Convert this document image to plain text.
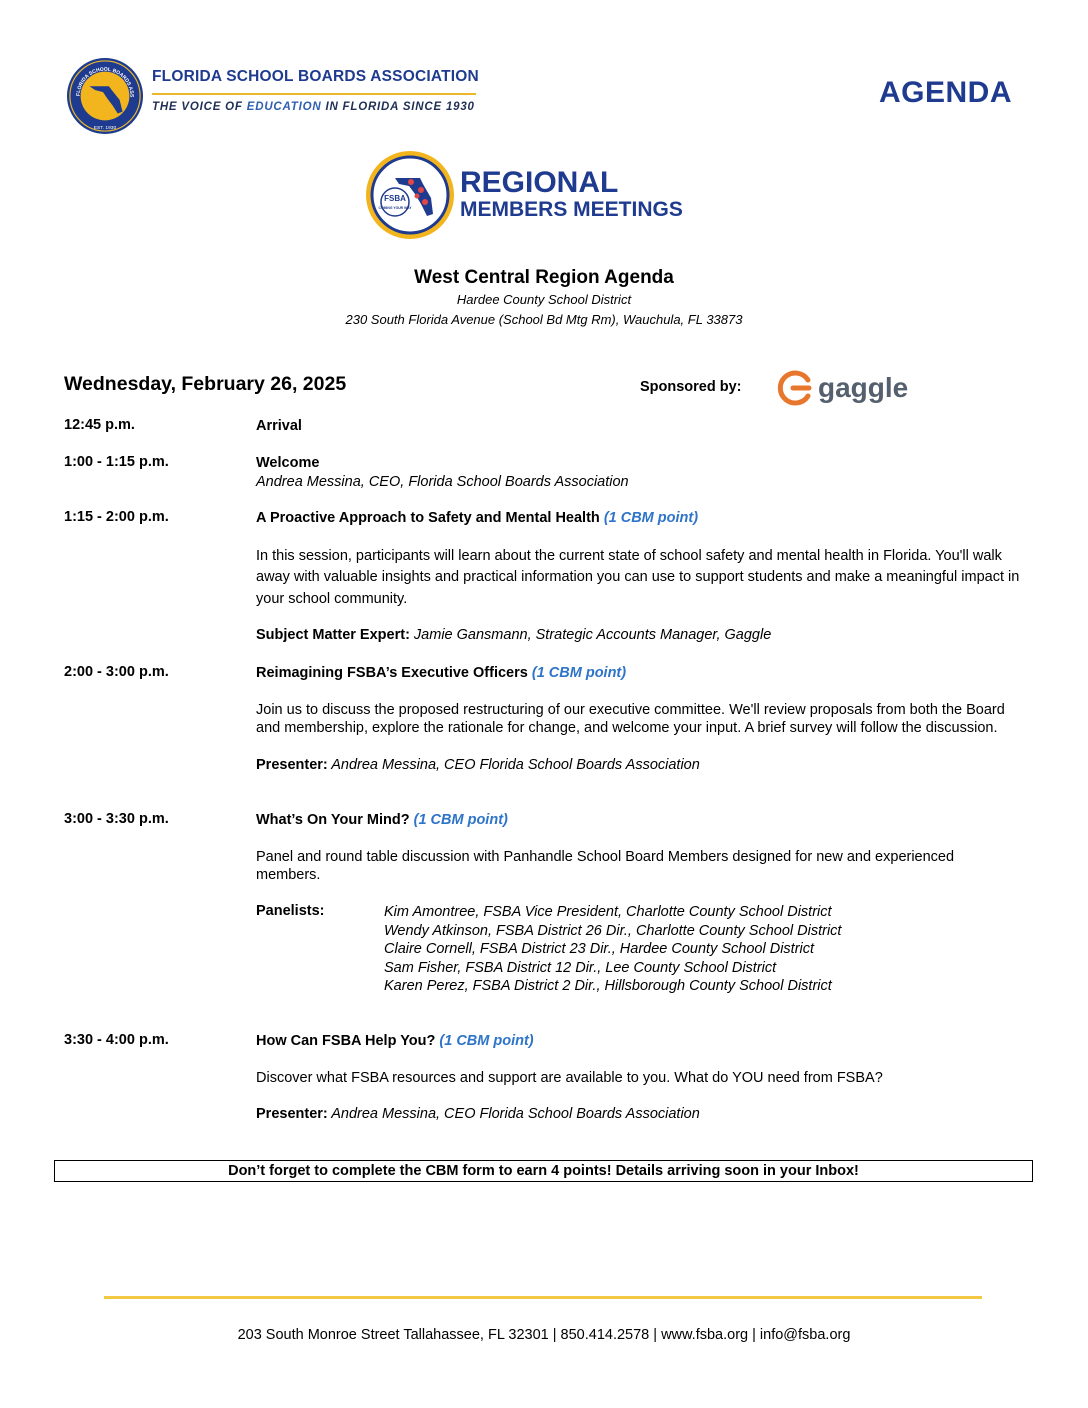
FLORIDA SCHOOL BOARDS ASS
EST. 1930
FLORIDA SCHOOL BOARDS ASSOCIATION
THE VOICE OF EDUCATION IN FLORIDA SINCE 1930	AGENDA
FSBA
COMING YOUR WAY
REGIONAL
MEMBERS MEETINGS
West Central Region Agenda
Hardee County School District
230 South Florida Avenue (School Bd Mtg Rm), Wauchula, FL 33873
Wednesday, February 26, 2025	Sponsored by:	gaggle
12:45 p.m.	Arrival
1:00 - 1:15 p.m.	Welcome
Andrea Messina, CEO, Florida School Boards Association
1:15 - 2:00 p.m.	A Proactive Approach to Safety and Mental Health (1 CBM point)
In this session, participants will learn about the current state of school safety and mental health in Florida. You'll walk away with valuable insights and practical information you can use to support students and make a meaningful impact in your school community.
Subject Matter Expert: Jamie Gansmann, Strategic Accounts Manager, Gaggle
2:00 - 3:00 p.m.	Reimagining FSBA’s Executive Officers (1 CBM point)
Join us to discuss the proposed restructuring of our executive committee. We'll review proposals from both the Board and membership, explore the rationale for change, and welcome your input. A brief survey will follow the discussion.
Presenter: Andrea Messina, CEO Florida School Boards Association
3:00 - 3:30 p.m.	What’s On Your Mind? (1 CBM point)
Panel and round table discussion with Panhandle School Board Members designed for new and experienced members.
Panelists:	Kim Amontree, FSBA Vice President, Charlotte County School District
Wendy Atkinson, FSBA District 26 Dir., Charlotte County School District
Claire Cornell, FSBA District 23 Dir., Hardee County School District
Sam Fisher, FSBA District 12 Dir., Lee County School District
Karen Perez, FSBA District 2 Dir., Hillsborough County School District
3:30 - 4:00 p.m.	How Can FSBA Help You? (1 CBM point)
Discover what FSBA resources and support are available to you. What do YOU need from FSBA?
Presenter: Andrea Messina, CEO Florida School Boards Association
Don’t forget to complete the CBM form to earn 4 points! Details arriving soon in your Inbox!
203 South Monroe Street Tallahassee, FL 32301 | 850.414.2578 | www.fsba.org | info@fsba.org
